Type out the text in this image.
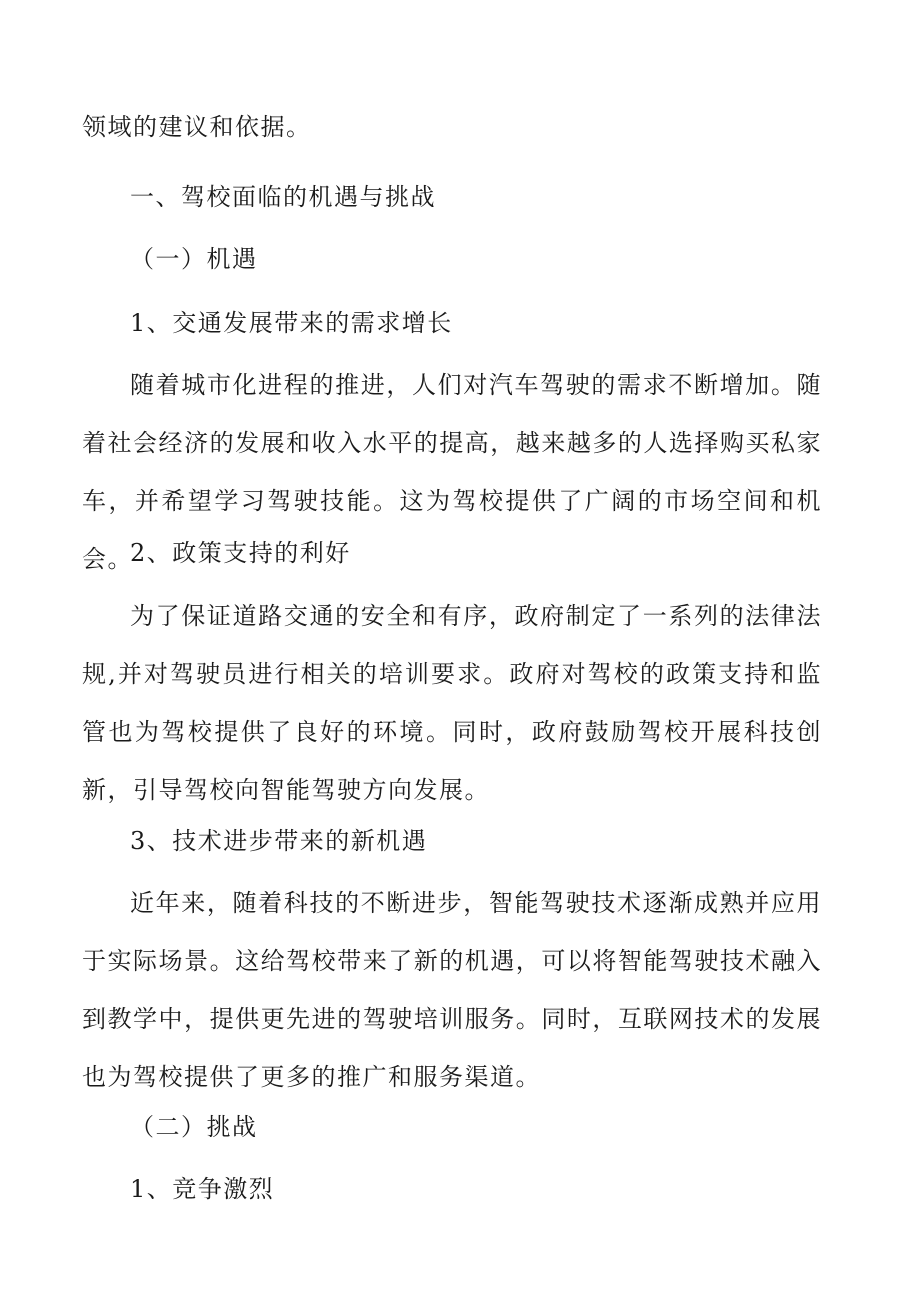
领域的建议和依据。
一、驾校面临的机遇与挑战
（一）机遇
1、交通发展带来的需求增长

随着城市化进程的推进，人们对汽车驾驶的需求不断增加。随着社会经济的发展和收入水平的提高，越来越多的人选择购买私家车，并希望学习驾驶技能。这为驾校提供了广阔的市场空间和机会。

2、政策支持的利好

为了保证道路交通的安全和有序，政府制定了一系列的法律法规,并对驾驶员进行相关的培训要求。政府对驾校的政策支持和监管也为驾校提供了良好的环境。同时，政府鼓励驾校开展科技创新，引导驾校向智能驾驶方向发展。

3、技术进步带来的新机遇

近年来，随着科技的不断进步，智能驾驶技术逐渐成熟并应用于实际场景。这给驾校带来了新的机遇，可以将智能驾驶技术融入到教学中，提供更先进的驾驶培训服务。同时，互联网技术的发展也为驾校提供了更多的推广和服务渠道。

（二）挑战
1、竞争激烈
